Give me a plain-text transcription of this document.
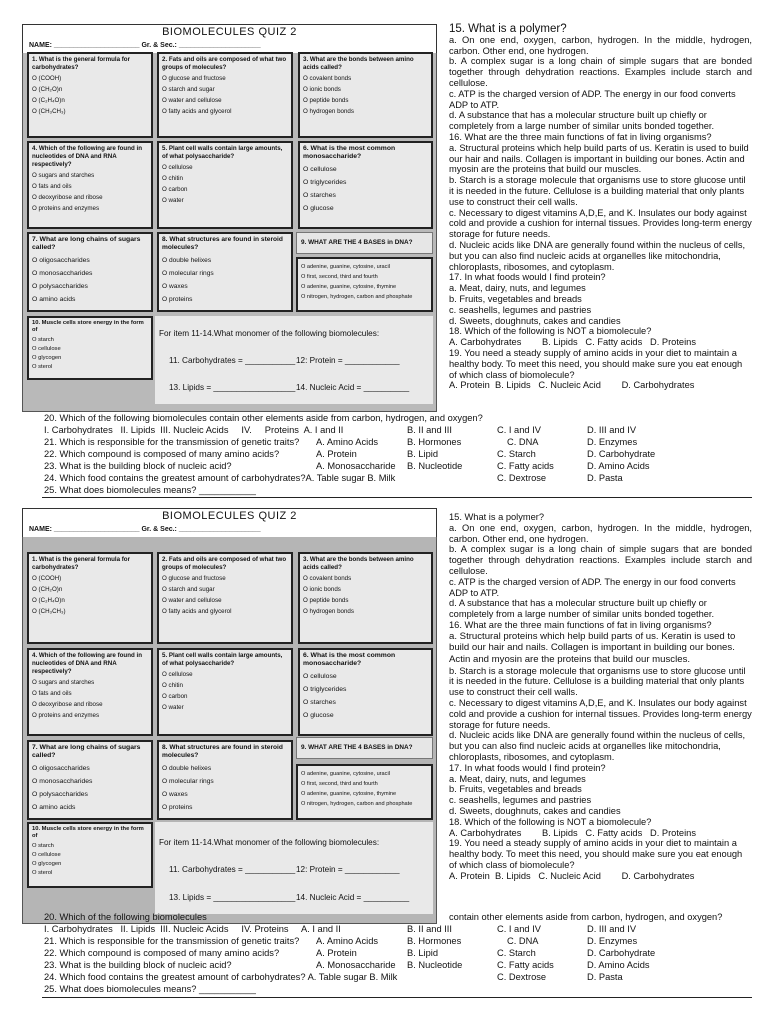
BIOMOLECULES QUIZ 2
NAME: ______________________ Gr. & Sec.: _____________________
1. What is the general formula for carbohydrates?
O (COOH)
O (CH₂O)n
O (C₂H₄O)n
O (CH₃CH₃)
2. Fats and oils are composed of what two groups of molecules?
O glucose and fructose
O starch and sugar
O water and cellulose
O fatty acids and glycerol
3. What are the bonds between amino acids called?
O covalent bonds
O ionic bonds
O peptide bonds
O hydrogen bonds
4. Which of the following are found in nucleotides of DNA and RNA respectively?
O sugars and starches
O fats and oils
O deoxyribose and ribose
O proteins and enzymes
5. Plant cell walls contain large amounts, of what polysaccharide?
O cellulose
O chitin
O carbon
O water
6. What is the most common monosaccharide?
O cellulose
O triglycerides
O starches
O glucose
7. What are long chains of sugars called?
O oligosaccharides
O monosaccharides
O polysaccharides
O amino acids
8. What structures are found in steroid molecules?
O double helixes
O molecular rings
O waxes
O proteins
9. WHAT ARE THE 4 BASES in DNA?
O adenine, guanine, cytosine, uracil
O first, second, third and fourth
O adenine, guanine, cytosine, thymine
O nitrogen, hydrogen, carbon and phosphate
10. Muscle cells store energy in the form of
O starch
O cellulose
O glycogen
O sterol
For item 11-14.What monomer of the following biomolecules:
11. Carbohydrates = ___________ 12: Protein = ____________
13. Lipids = __________________ 14. Nucleic Acid = __________

15. What is a polymer?

a. On one end, oxygen, carbon, hydrogen. In the middle, hydrogen, carbon. Other end, one hydrogen.

b. A complex sugar is a long chain of simple sugars that are bonded together through dehydration reactions. Examples include starch and cellulose.

c. ATP is the charged version of ADP. The energy in our food converts ADP to ATP.

d. A substance that has a molecular structure built up chiefly or completely from a large number of similar units bonded together.

16. What are the three main functions of fat in living organisms?

a. Structural proteins which help build parts of us. Keratin is used to build our hair and nails. Collagen is important in building our bones. Actin and myosin are the proteins that build our muscles.

b. Starch is a storage molecule that organisms use to store glucose until it is needed in the future. Cellulose is a building material that only plants use to construct their cell walls.

c. Necessary to digest vitamins A,D,E, and K. Insulates our body against cold and provide a cushion for internal tissues. Provides long-term energy storage for future needs.

d. Nucleic acids like DNA are generally found within the nucleus of cells, but you can also find nucleic acids at organelles like mitochondria, chloroplasts, ribosomes, and cytoplasm.

17. In what foods would I find protein?

a. Meat, dairy, nuts, and legumes

b. Fruits, vegetables and breads

c. seashells, legumes and pastries

d. Sweets, doughnuts, cakes and candies

18. Which of the following is NOT a biomolecule?

A. Carbohydrates        B. Lipids   C. Fatty acids   D. Proteins

19. You need a steady supply of amino acids in your diet to maintain a healthy body. To meet this need, you should make sure you eat enough of which class of biomolecule?

A. Protein  B. Lipids   C. Nucleic Acid        D. Carbohydrates

20. Which of the following biomolecules contain other elements aside from carbon, hydrogen, and oxygen?
I. Carbohydrates   II. Lipids  III. Nucleic Acids     IV.     Proteins  A. I and II	B. II and III	C. I and IV	D. III and IV
21. Which is responsible for the transmission of genetic traits? A. Amino Acids	B. Hormones	C. DNA	D. Enzymes
22. Which compound is composed of many amino acids?	A. Protein	B. Lipid	C. Starch	D. Carbohydrate
23. What is the building block of nucleic acid?	A. Monosaccharide B. Nucleotide	C. Fatty acids	D. Amino Acids
24. Which food contains the greatest amount of carbohydrates?A. Table sugar B. Milk	C. Dextrose	D. Pasta
25. What does biomolecules means? ___________
BIOMOLECULES QUIZ 2
NAME: ______________________ Gr. & Sec.: _____________________
1. What is the general formula for carbohydrates?
O (COOH)
O (CH₂O)n
O (C₂H₄O)n
O (CH₃CH₃)
2. Fats and oils are composed of what two groups of molecules?
O glucose and fructose
O starch and sugar
O water and cellulose
O fatty acids and glycerol
3. What are the bonds between amino acids called?
O covalent bonds
O ionic bonds
O peptide bonds
O hydrogen bonds
4. Which of the following are found in nucleotides of DNA and RNA respectively?
O sugars and starches
O fats and oils
O deoxyribose and ribose
O proteins and enzymes
5. Plant cell walls contain large amounts, of what polysaccharide?
O cellulose
O chitin
O carbon
O water
6. What is the most common monosaccharide?
O cellulose
O triglycerides
O starches
O glucose
7. What are long chains of sugars called?
O oligosaccharides
O monosaccharides
O polysaccharides
O amino acids
8. What structures are found in steroid molecules?
O double helixes
O molecular rings
O waxes
O proteins
9. WHAT ARE THE 4 BASES in DNA?
O adenine, guanine, cytosine, uracil
O first, second, third and fourth
O adenine, guanine, cytosine, thymine
O nitrogen, hydrogen, carbon and phosphate
10. Muscle cells store energy in the form of
O starch
O cellulose
O glycogen
O sterol
For item 11-14.What monomer of the following biomolecules:
11. Carbohydrates = ___________ 12: Protein = ____________
13. Lipids = __________________ 14. Nucleic Acid = __________

15. What is a polymer?

a. On one end, oxygen, carbon, hydrogen. In the middle, hydrogen, carbon. Other end, one hydrogen.

b. A complex sugar is a long chain of simple sugars that are bonded together through dehydration reactions. Examples include starch and cellulose.

c. ATP is the charged version of ADP. The energy in our food converts ADP to ATP.

d. A substance that has a molecular structure built up chiefly or completely from a large number of similar units bonded together.

16. What are the three main functions of fat in living organisms?

a. Structural proteins which help build parts of us. Keratin is used to build our hair and nails. Collagen is important in building our bones. Actin and myosin are the proteins that build our muscles.

b. Starch is a storage molecule that organisms use to store glucose until it is needed in the future. Cellulose is a building material that only plants use to construct their cell walls.

c. Necessary to digest vitamins A,D,E, and K. Insulates our body against cold and provide a cushion for internal tissues. Provides long-term energy storage for future needs.

d. Nucleic acids like DNA are generally found within the nucleus of cells, but you can also find nucleic acids at organelles like mitochondria, chloroplasts, ribosomes, and cytoplasm.

17. In what foods would I find protein?

a. Meat, dairy, nuts, and legumes

b. Fruits, vegetables and breads

c. seashells, legumes and pastries

d. Sweets, doughnuts, cakes and candies

18. Which of the following is NOT a biomolecule?

A. Carbohydrates        B. Lipids   C. Fatty acids   D. Proteins

19. You need a steady supply of amino acids in your diet to maintain a healthy body. To meet this need, you should make sure you eat enough of which class of biomolecule?

A. Protein  B. Lipids   C. Nucleic Acid        D. Carbohydrates

20. Which of the following biomolecules	contain other elements aside from carbon, hydrogen, and oxygen?
I. Carbohydrates   II. Lipids  III. Nucleic Acids     IV. Proteins     A. I and II	B. II and III	C. I and IV	D. III and IV
21. Which is responsible for the transmission of genetic traits? A. Amino Acids	B. Hormones	C. DNA	D. Enzymes
22. Which compound is composed of many amino acids?	A. Protein	B. Lipid	C. Starch	D. Carbohydrate
23. What is the building block of nucleic acid?	A. Monosaccharide B. Nucleotide	C. Fatty acids	D. Amino Acids
24. Which food contains the greatest amount of carbohydrates? A. Table sugar B. Milk	C. Dextrose	D. Pasta
25. What does biomolecules means? ___________
